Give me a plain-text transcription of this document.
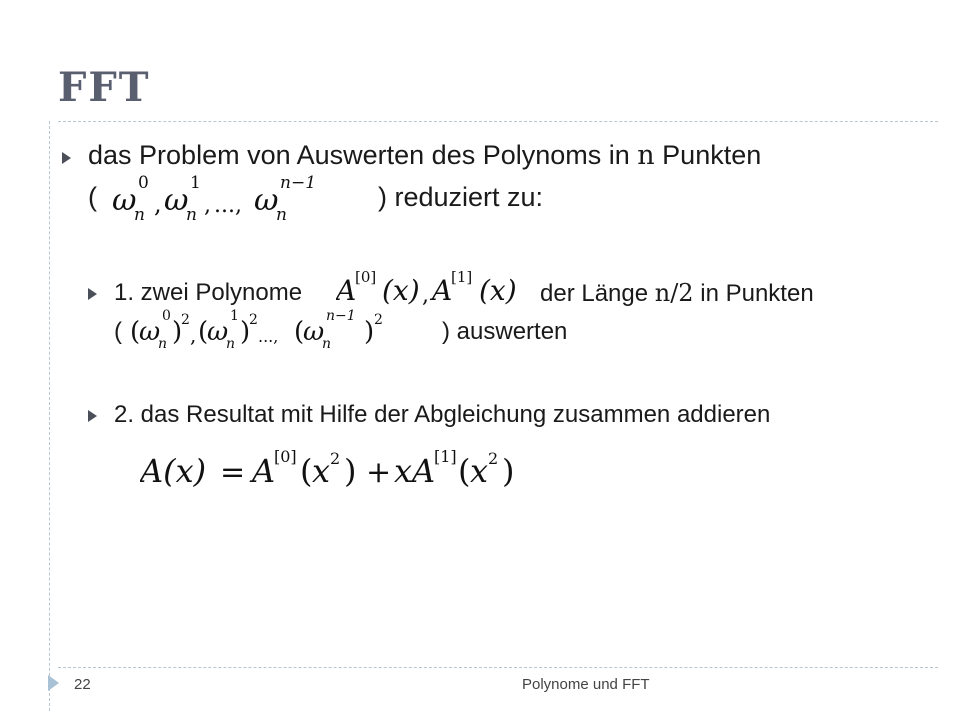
FFT
das Problem von Auswerten des Polynoms in n Punkten
( ω
n
0
, ω
n
1
, ..., ω
n
n−1 ) reduziert zu:
1. zwei Polynome A
[0] (x) , A
[1] (x) der Länge n/2 in Punkten
( (
ω
n
0
)
2
, (
ω
n
1
)
2
..., (
ω
n
n−1
) 2 ) auswerten
2. das Resultat mit Hilfe der Abgleichung zusammen addieren
A(x) = A
[0] ( x 2 ) + xA
[1] ( x 2 )
22	Polynome und FFT
